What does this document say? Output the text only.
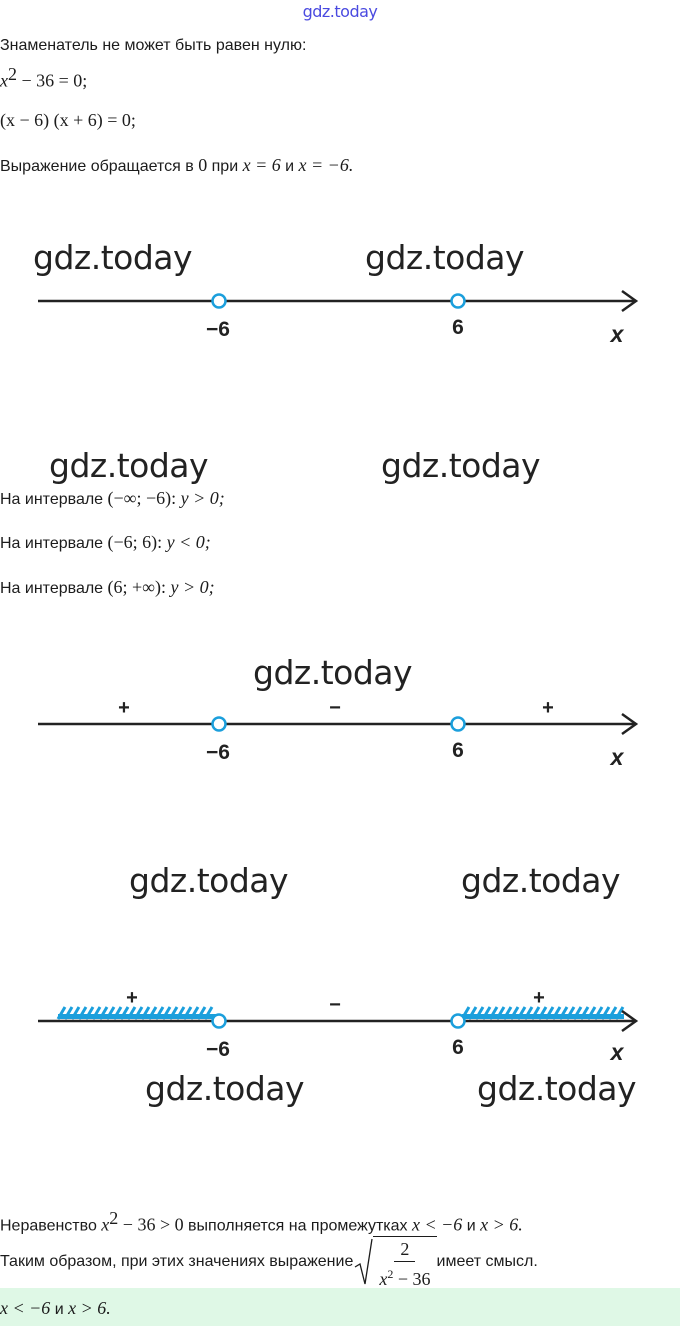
gdz.today
Знаменатель не может быть равен нулю:
$x^2 - 36 = 0$;
(x − 6) (x + 6) = 0;
Выражение обращается в 0 при x = 6 и x = −6.
gdz.today	gdz.today
−6	6	x
gdz.today	gdz.today
На интервале (−∞; −6): y > 0;
На интервале (−6; 6): y < 0;
На интервале (6; +∞): y > 0;
gdz.today
+	−	+
−6	6	x
gdz.today	gdz.today
+	−	+
−6	6	x
gdz.today	gdz.today
Неравенство $x^2 - 36 > 0$ выполняется на промежутках x < −6 и x > 6.
Таким образом, при этих значениях выражение $\frac{2}{x^2 - 36}$ имеет смысл.
x < −6 и x > 6.
